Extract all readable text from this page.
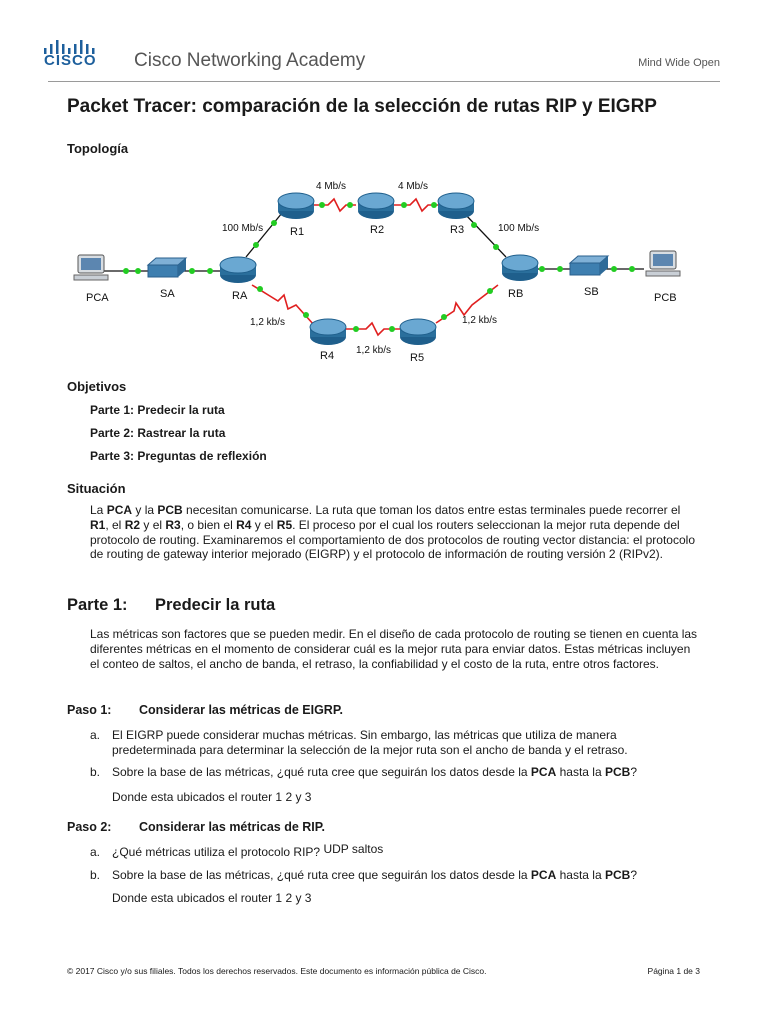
CISCO Cisco Networking Academy	Mind Wide Open
Packet Tracer: comparación de la selección de rutas RIP y EIGRP
Topología
PCA	SA	RA
R1	R2	R3
RB	SB	PCB
R4	R5
100 Mb/s
4 Mb/s	4 Mb/s
100 Mb/s
1,2 kb/s
1,2 kb/s
1,2 kb/s
Objetivos
Parte 1: Predecir la ruta
Parte 2: Rastrear la ruta
Parte 3: Preguntas de reflexión
Situación

La PCA y la PCB necesitan comunicarse. La ruta que toman los datos entre estas terminales puede recorrer el R1, el R2 y el R3, o bien el R4 y el R5. El proceso por el cual los routers seleccionan la mejor ruta depende del protocolo de routing. Examinaremos el comportamiento de dos protocolos de routing vector distancia: el protocolo de routing de gateway interior mejorado (EIGRP) y el protocolo de información de routing versión 2 (RIPv2).

Parte 1: Predecir la ruta

Las métricas son factores que se pueden medir. En el diseño de cada protocolo de routing se tienen en cuenta las diferentes métricas en el momento de considerar cuál es la mejor ruta para enviar datos. Estas métricas incluyen el conteo de saltos, el ancho de banda, el retraso, la confiabilidad y el costo de la ruta, entre otros factores.

Paso 1: Considerar las métricas de EIGRP.
a. El EIGRP puede considerar muchas métricas. Sin embargo, las métricas que utiliza de manera predeterminada para determinar la selección de la mejor ruta son el ancho de banda y el retraso.
b. Sobre la base de las métricas, ¿qué ruta cree que seguirán los datos desde la PCA hasta la PCB?
Donde esta ubicados el router 1 2 y 3
Paso 2: Considerar las métricas de RIP.
a. ¿Qué métricas utiliza el protocolo RIP? UDP saltos
b. Sobre la base de las métricas, ¿qué ruta cree que seguirán los datos desde la PCA hasta la PCB?
Donde esta ubicados el router 1 2 y 3
© 2017 Cisco y/o sus filiales. Todos los derechos reservados. Este documento es información pública de Cisco.	Página 1 de 3
